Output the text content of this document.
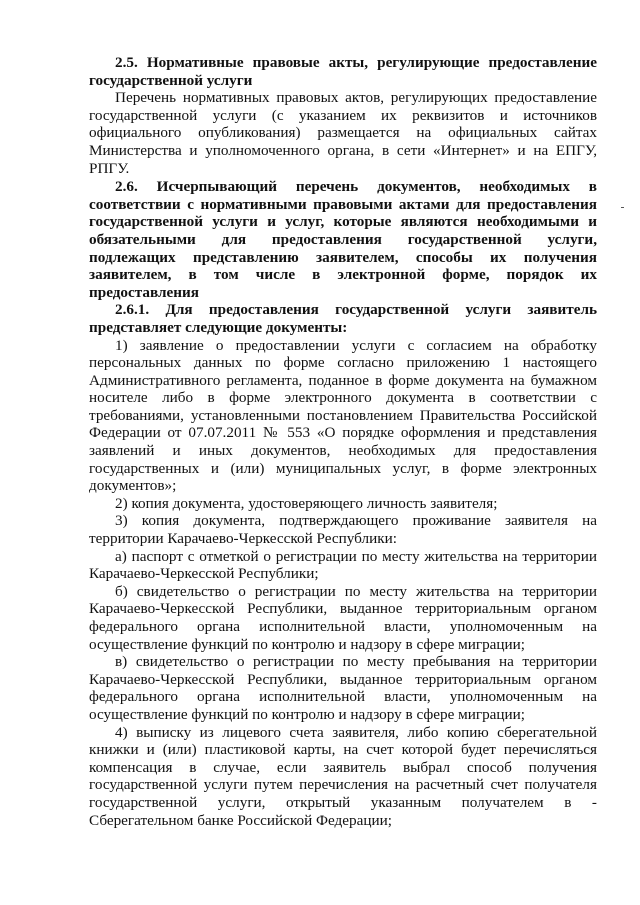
2.5. Нормативные правовые акты, регулирующие предоставление государственной услуги

Перечень нормативных правовых актов, регулирующих предоставление государственной услуги (с указанием их реквизитов и источников официального опубликования) размещается на официальных сайтах Министерства и уполномоченного органа, в сети «Интернет» и на ЕПГУ, РПГУ.

2.6. Исчерпывающий перечень документов, необходимых в соответствии с нормативными правовыми актами для предоставления государственной услуги и услуг, которые являются необходимыми и обязательными для предоставления государственной услуги, подлежащих представлению заявителем, способы их получения заявителем, в том числе в электронной форме, порядок их предоставления

2.6.1. Для предоставления государственной услуги заявитель представляет следующие документы:

1) заявление о предоставлении услуги с согласием на обработку персональных данных по форме согласно приложению 1 настоящего Административного регламента, поданное в форме документа на бумажном носителе либо в форме электронного документа в соответствии с требованиями, установленными постановлением Правительства Российской Федерации от 07.07.2011 № 553 «О порядке оформления и представления заявлений и иных документов, необходимых для предоставления государственных и (или) муниципальных услуг, в форме электронных документов»;

2) копия документа, удостоверяющего личность заявителя;

3) копия документа, подтверждающего проживание заявителя на территории Карачаево-Черкесской Республики:

а) паспорт с отметкой о регистрации по месту жительства на территории Карачаево-Черкесской Республики;

б) свидетельство о регистрации по месту жительства на территории Карачаево-Черкесской Республики, выданное территориальным органом федерального органа исполнительной власти, уполномоченным на осуществление функций по контролю и надзору в сфере миграции;

в) свидетельство о регистрации по месту пребывания на территории Карачаево-Черкесской Республики, выданное территориальным органом федерального органа исполнительной власти, уполномоченным на осуществление функций по контролю и надзору в сфере миграции;

4) выписку из лицевого счета заявителя, либо копию сберегательной книжки и (или) пластиковой карты, на счет которой будет перечисляться компенсация в случае, если заявитель выбрал способ получения государственной услуги путем перечисления на расчетный счет получателя государственной услуги, открытый указанным получателем в - Сберегательном банке Российской Федерации;
